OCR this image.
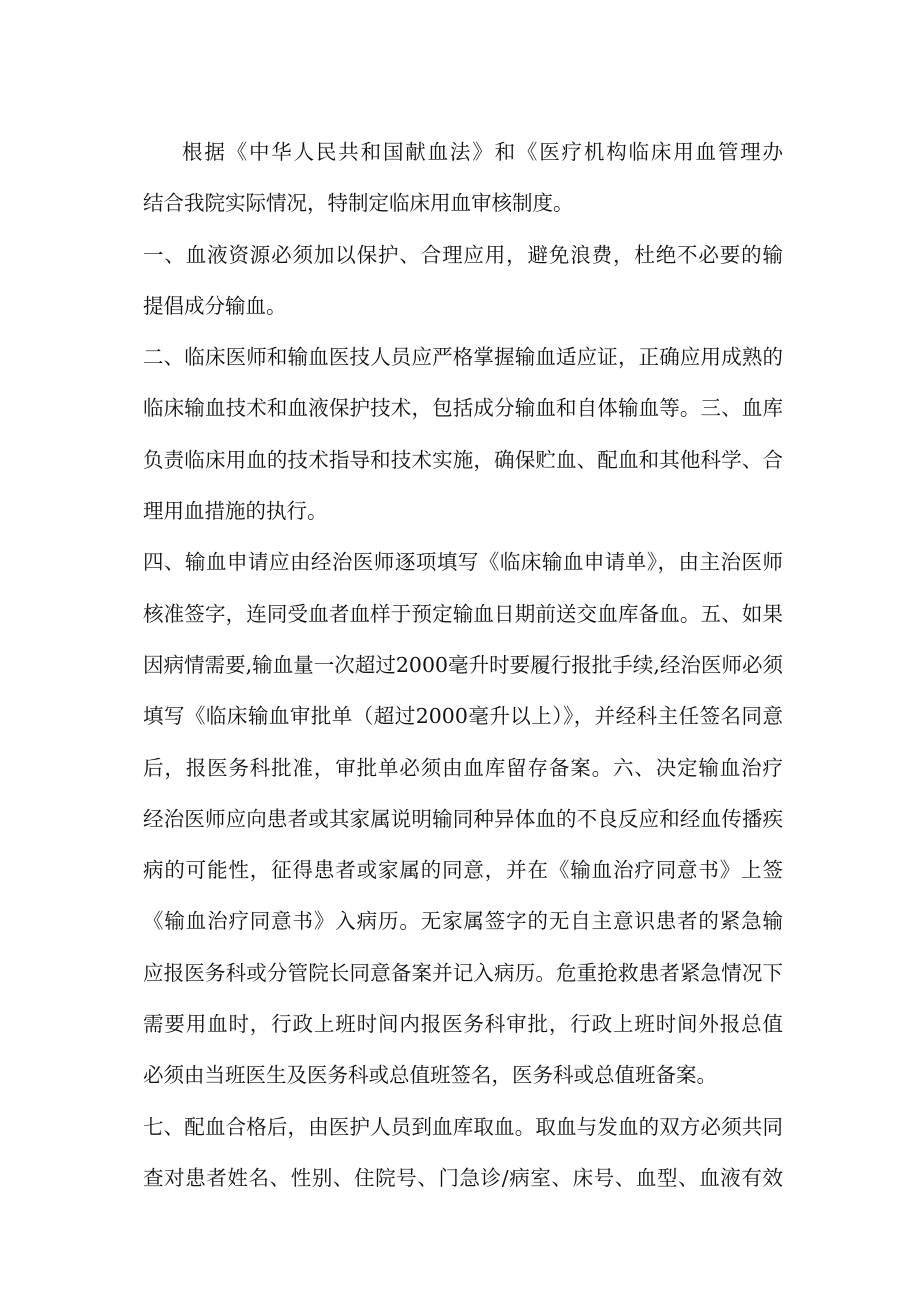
根据《中华人民共和国献血法》和《医疗机构临床用血管理办
结合我院实际情况，特制定临床用血审核制度。
一、血液资源必须加以保护、合理应用，避免浪费，杜绝不必要的输
提倡成分输血。
二、临床医师和输血医技人员应严格掌握输血适应证，正确应用成熟的
临床输血技术和血液保护技术，包括成分输血和自体输血等。三、血库
负责临床用血的技术指导和技术实施，确保贮血、配血和其他科学、合
理用血措施的执行。
四、输血申请应由经治医师逐项填写《临床输血申请单》，由主治医师
核准签字，连同受血者血样于预定输血日期前送交血库备血。五、如果
因病情需要,输血量一次超过2000毫升时要履行报批手续,经治医师必须
填写《临床输血审批单（超过2000毫升以上）》，并经科主任签名同意
后，报医务科批准，审批单必须由血库留存备案。六、决定输血治疗
经治医师应向患者或其家属说明输同种异体血的不良反应和经血传播疾
病的可能性，征得患者或家属的同意，并在《输血治疗同意书》上签
《输血治疗同意书》入病历。无家属签字的无自主意识患者的紧急输
应报医务科或分管院长同意备案并记入病历。危重抢救患者紧急情况下
需要用血时，行政上班时间内报医务科审批，行政上班时间外报总值
必须由当班医生及医务科或总值班签名，医务科或总值班备案。
七、配血合格后，由医护人员到血库取血。取血与发血的双方必须共同
查对患者姓名、性别、住院号、门急诊/病室、床号、血型、血液有效
